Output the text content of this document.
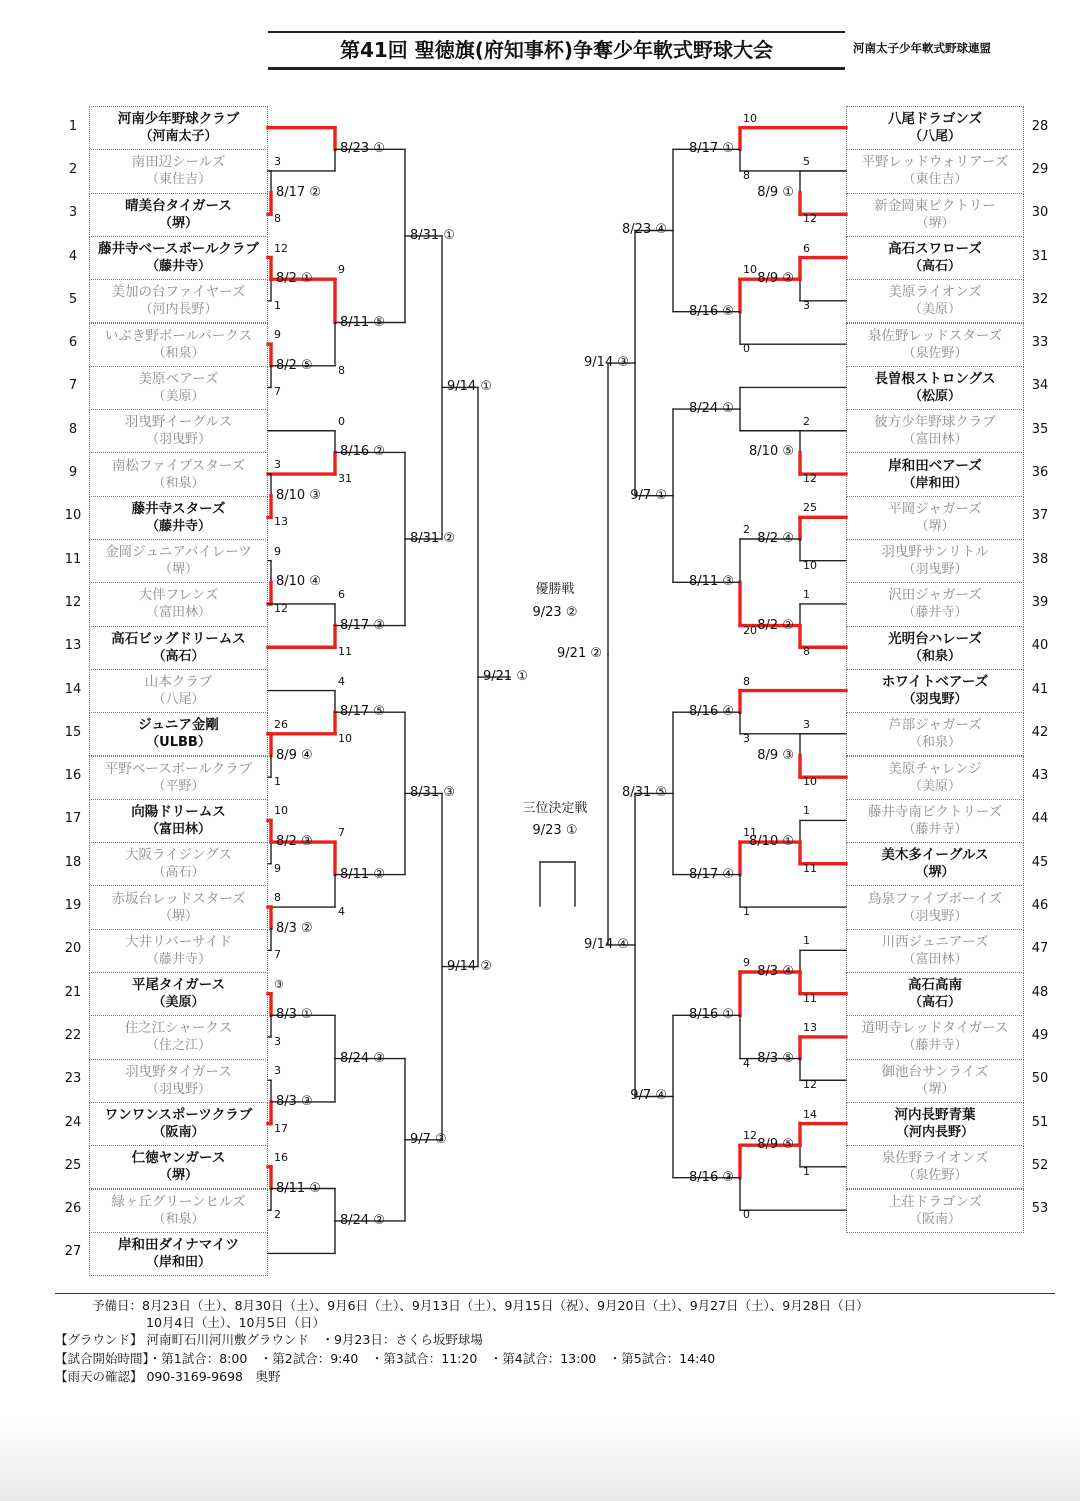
第41回 聖徳旗(府知事杯)争奪少年軟式野球大会	河南太子少年軟式野球連盟
1	河南少年野球クラブ
（河南太子）
2	南田辺シールズ
（東住吉）
3	晴美台タイガース
（堺）
4	藤井寺ベースボールクラブ
（藤井寺）
5	美加の台ファイヤーズ
（河内長野）
6	いぶき野ボールパークス
（和泉）
7	美原ベアーズ
（美原）
8	羽曳野イーグルス
（羽曳野）
9	南松ファイブスターズ
（和泉）
10	藤井寺スターズ
（藤井寺）
11	金岡ジュニアパイレーツ
（堺）
12	大伴フレンズ
（富田林）
13	高石ビッグドリームス
（高石）
14	山本クラブ
（八尾）
15	ジュニア金剛
（ULBB）
16	平野ベースボールクラブ
（平野）
17	向陽ドリームス
（富田林）
18	大阪ライジングス
（高石）
19	赤坂台レッドスターズ
（堺）
20	大井リバーサイド
（藤井寺）
21	平尾タイガース
（美原）
22	住之江シャークス
（住之江）
23	羽曳野タイガース
（羽曳野）
24	ワンワンスポーツクラブ
（阪南）
25	仁徳ヤンガース
（堺）
26	緑ヶ丘グリーンヒルズ
（和泉）
27	岸和田ダイナマイツ
（岸和田）
28
八尾ドラゴンズ
（八尾）
29
平野レッドウォリアーズ
（東住吉）
30
新金岡東ビクトリー
（堺）
31
高石スワローズ
（高石）
32
美原ライオンズ
（美原）
33
泉佐野レッドスターズ
（泉佐野）
34
長曽根ストロングス
（松原）
35
彼方少年野球クラブ
（富田林）
36
岸和田ベアーズ
（岸和田）
37
平岡ジャガーズ
（堺）
38
羽曳野サンリトル
（羽曳野）
39
沢田ジャガーズ
（藤井寺）
40
光明台ハレーズ
（和泉）
41
ホワイトベアーズ
（羽曳野）
42
芦部ジャガーズ
（和泉）
43
美原チャレンジ
（美原）
44
藤井寺南ビクトリーズ
（藤井寺）
45
美木多イーグルス
（堺）
46
鳥泉ファイブボーイズ
（羽曳野）
47
川西ジュニアーズ
（富田林）
48
高石高南
（高石）
49
道明寺レッドタイガース
（藤井寺）
50
御池台サンライズ
（堺）
51
河内長野青葉
（河内長野）
52
泉佐野ライオンズ
（泉佐野）
53
上荘ドラゴンズ
（阪南）
8/23 ①
8/17 ②
3
8
8/2 ①
12
1
8/2 ⑤
9
7
8/11 ⑤
9
8
8/31 ①
8/16 ②
0
31
8/10 ③
3
13
8/10 ④
9
12
8/17 ③
6
11
8/31 ②
9/14 ①
8/17 ⑤
4
10
8/9 ④
26
1
8/2 ③
10
9	8/11 ②
7
4
8/3 ②
8
7
8/31 ③
8/3 ①
③
3
8/3 ③
3
17
8/24 ③
8/11 ①
16
2	8/24 ②
9/7 ③
9/14 ②
9/21 ①
8/17 ①
10
8
8/9 ①
5
12
8/9 ②
6
3
8/16 ⑤
10
0
8/23 ④
8/24 ①
8/10 ⑤
2
12
8/2 ④
25
10
8/2 ②
1
8
8/11 ③
2
20
9/7 ①
9/14 ③
8/16 ④
8
3
8/9 ③
3
10
8/10 ①
1
11
8/17 ④
11
1
8/31 ⑤
8/3 ④
1
11
8/3 ⑤
13
12
8/16 ①
9
4
8/9 ⑤
14
1
8/16 ③
12
0
9/7 ④
9/14 ④
9/21 ②
優勝戦
9/23 ②
三位決定戦
9/23 ①
予備日：8月23日（土）、8月30日（土）、9月6日（土）、9月13日（土）、9月15日（祝）、9月20日（土）、9月27日（土）、9月28日（日）
10月4日（土）、10月5日（日）
【グラウンド】 河南町石川河川敷グラウンド　・9月23日：さくら坂野球場
【試合開始時間】・第1試合：8:00　・第2試合：9:40　・第3試合：11:20　・第4試合：13:00　・第5試合：14:40
【雨天の確認】 090-3169-9698　奥野
